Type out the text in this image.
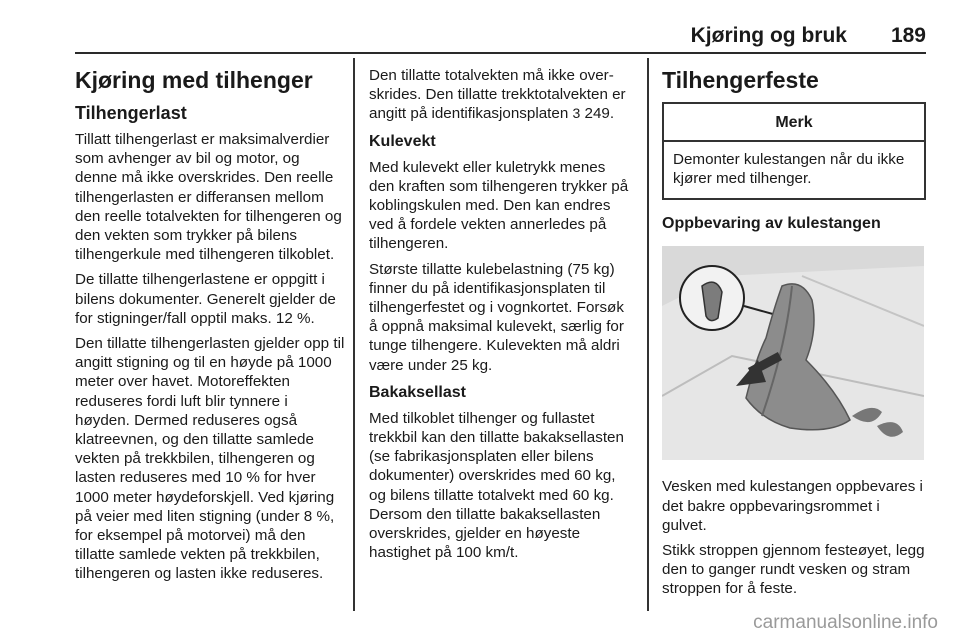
Kjøring og bruk 189
Kjøring med tilhenger
Tilhengerlast

Tillatt tilhengerlast er maksimalverdier som avhenger av bil og motor, og denne må ikke overskrides. Den reelle tilhengerlasten er differansen mellom den reelle totalvekten for tilhengeren og den vekten som trykker på bilens tilhengerkule med tilhengeren tilkoblet.

De tillatte tilhengerlastene er oppgitt i bilens dokumenter. Generelt gjelder de for stigninger/fall opptil maks. 12 %.

Den tillatte tilhengerlasten gjelder opp til angitt stigning og til en høyde på 1000 meter over havet. Motoreffekten reduseres fordi luft blir tynnere i høyden. Dermed reduseres også klatreevnen, og den tillatte samlede vekten på trekkbilen, tilhengeren og lasten reduseres med 10 % for hver 1000 meter høydeforskjell. Ved kjøring på veier med liten stigning (under 8 %, for eksempel på motorvei) må den tillatte samlede vekten på trekkbilen, tilhengeren og lasten ikke reduseres.

Den tillatte totalvekten må ikke overskrides. Den tillatte trekktotalvekten er angitt på identifikasjonsplaten 3 249.

Kulevekt

Med kulevekt eller kuletrykk menes den kraften som tilhengeren trykker på koblingskulen med. Den kan endres ved å fordele vekten annerledes på tilhengeren.

Største tillatte kulebelastning (75 kg) finner du på identifikasjonsplaten til tilhengerfestet og i vognkortet. Forsøk å oppnå maksimal kulevekt, særlig for tunge tilhengere. Kulevekten må aldri være under 25 kg.

Bakaksellast

Med tilkoblet tilhenger og fullastet trekkbil kan den tillatte bakaksellasten (se fabrikasjonsplaten eller bilens dokumenter) overskrides med 60 kg, og bilens tillatte totalvekt med 60 kg. Dersom den tillatte bakaksellasten overskrides, gjelder en høyeste hastighet på 100 km/t.

Tilhengerfeste
Merk
Demonter kulestangen når du ikke kjører med tilhenger.
Oppbevaring av kulestangen

Vesken med kulestangen oppbevares i det bakre oppbevaringsrommet i gulvet.

Stikk stroppen gjennom festeøyet, legg den to ganger rundt vesken og stram stroppen for å feste.

carmanualsonline.info
